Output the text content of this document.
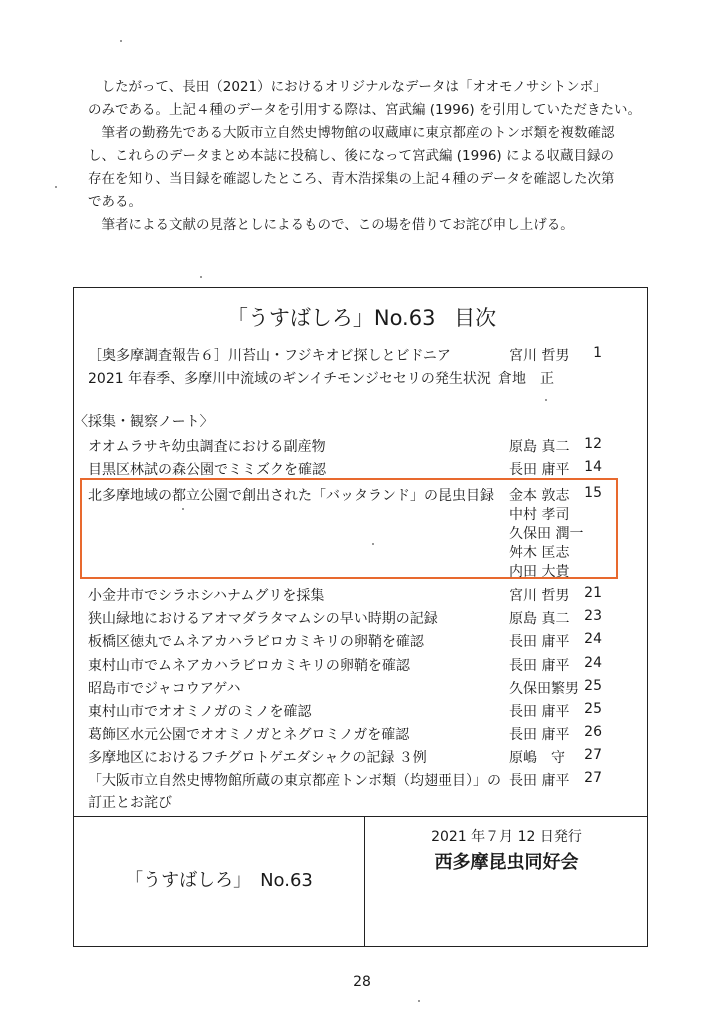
　したがって、長田（2021）におけるオリジナルなデータは「オオモノサシトンボ」

のみである。上記４種のデータを引用する際は、宮武編 (1996) を引用していただきたい。

　筆者の勤務先である大阪市立自然史博物館の収蔵庫に東京都産のトンボ類を複数確認

し、これらのデータまとめ本誌に投稿し、後になって宮武編 (1996) による収蔵目録の

存在を知り、当目録を確認したところ、青木浩採集の上記４種のデータを確認した次第

である。

　筆者による文献の見落としによるもので、この場を借りてお詫び申し上げる。

「うすばしろ」No.63 目次
［奥多摩調査報告６］川苔山・フジキオビ探しとビドニア	宮川 哲男	1
2021 年春季、多摩川中流域のギンイチモンジセセリの発生状況 倉地　正
〈採集・観察ノート〉
オオムラサキ幼虫調査における副産物	原島 真二	12
目黒区林試の森公園でミミズクを確認	長田 庸平	14
北多摩地域の都立公園で創出された「バッタランド」の昆虫目録 金本 敦志	15
中村 孝司
久保田 潤一
舛木 匡志
内田 大貴
小金井市でシラホシハナムグリを採集	宮川 哲男	21
狭山緑地におけるアオマダラタマムシの早い時期の記録	原島 真二	23
板橋区徳丸でムネアカハラビロカミキリの卵鞘を確認	長田 庸平	24
東村山市でムネアカハラビロカミキリの卵鞘を確認	長田 庸平	24
昭島市でジャコウアゲハ	久保田繁男 25
東村山市でオオミノガのミノを確認	長田 庸平	25
葛飾区水元公園でオオミノガとネグロミノガを確認	長田 庸平	26
多摩地区におけるフチグロトゲエダシャクの記録 ３例	原嶋　守	27
「大阪市立自然史博物館所蔵の東京都産トンボ類（均翅亜目）」の 長田 庸平	27
訂正とお詫び
「うすばしろ」　No.63
2021 年７月 12 日発行
西多摩昆虫同好会
28
